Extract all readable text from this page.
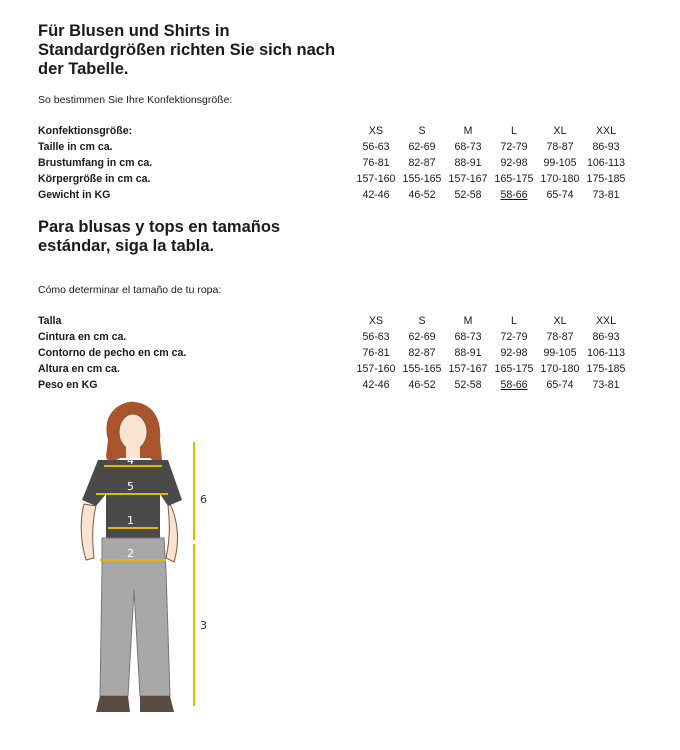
Für Blusen und Shirts in
Standardgrößen richten Sie sich nach
der Tabelle.

So bestimmen Sie Ihre Konfektionsgröße:

Konfektionsgröße:	XS	S	M	L	XL	XXL
Taille in cm ca.	56-63	62-69	68-73	72-79	78-87	86-93
Brustumfang in cm ca.	76-81	82-87	88-91	92-98	99-105	106-113
Körpergröße in cm ca.	157-160	155-165	157-167	165-175	170-180	175-185
Gewicht in KG	42-46	46-52	52-58	58-66	65-74	73-81
Para blusas y tops en tamaños
estándar, siga la tabla.

Cómo determinar el tamaño de tu ropa:

Talla	XS	S	M	L	XL	XXL
Cintura en cm ca.	56-63	62-69	68-73	72-79	78-87	86-93
Contorno de pecho en cm ca.	76-81	82-87	88-91	92-98	99-105	106-113
Altura en cm ca.	157-160	155-165	157-167	165-175	170-180	175-185
Peso en KG	42-46	46-52	52-58	58-66	65-74	73-81
4
5
1
2
6
3
